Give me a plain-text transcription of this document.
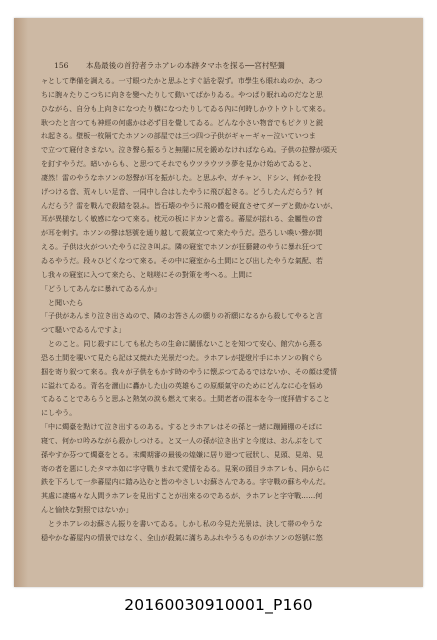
156 本島最後の首狩者ラホアレの本跡タマホを探る──宮村堅彌
ャとして準備を調える。一寸眼つたかと思ふとすぐ話を裂ず。市學生も眼れぬのか、あつ
ちに腕々たりこつちに向きを變へたりして動いてばかりゐる。やつぱり眠れぬのだなと思
ひながら、自分も上向きになつたり横になつたりしてゐる內に何時しかウトウトして來る。
耿つたと言つても神經の何處かは必ず目を覺してゐる。どんな小さい物音でもピクリと鋭
れ起きる。壁板一枚隔てたホソンの部屋では三つ四つ子供がギャーギャー泣いていつま
で立つて寢付きまない。泣き聲ら振るうと無闇に尻を鍛めなければならぬ。子供の拉聲が頭天
を釘すやうだ。暗いからも、と思つてそれでもウツラウツラ夢を見かけ始めてゐると、
凄然！雷のやうなホソンの怒聲が耳を振がした。と思ふや、ガチャン、ドシン、何かを投
げつける音、荒々しい足音、一同中し合はしたやうに飛び起きる。どうしたんだらう？何
んだらう？雷を戰んで殺踏を裂ふ。皆石壊のやうに飛の體を硬直させてダーデと動かないが、
耳が異様なしく敏感になつて來る。枕元の板にドカンと當る。蕃屋が揺れる、金屬性の音
が耳を剌す。ホソンの聲は怒號を通り越して殺氣立つて來たやうだ。恐ろしい喚い聲が間
える。子供は火がついたやうに泣き叫ぶ。隣の寢室でホソンが狂藝鍵のやうに暴れ狂つて
ゐるやうだ。段々ひどくなつて來る。その中に寢室から土間にとび出したやうな氣配、若
し我々の寢室に入つて來たら、と咄嗟にその對策を考へる。上間に
「どうしてあんなに暴れてゐるんか」
と聞いたら
「子供があんまり泣き出さぬので、隣のお答さんの願りの祈願になるから殺してやると言
つて騷いでゐるんですよ」
とのこと。同じ殺すにしても私たちの生命に關係ないことを知つて安心、館穴から燕る
恐る土間を覗いて見たら記は又焼れた光景だつた。ラホアレが提燈片手にホソンの胸ぐら
掴を寄り叙つて來る。我々が子供をもかす時のやうに懐ぶつてゐるではないか、その顔は愛情
に溢れてゐる。背名を灑山に轟かした山の英雄もこの原顏氣守のためにどんなに心を悩め
てゐることであらうと思ふと熱気の涙も燃えて來る。土間老者の混本を今一度拝借すること
にしやう。
「中に燭臺を點けて泣き出するのある。するとラホアレはその孫と一緒に蹦鐘棚のそばに
寝て、何かロ吟みながら殺かしつける。と又一人の孫が泣き出すと今度は、おんぶをして
孫やすか芬つて燭臺をとる。末燭期審の最後の煌嫌に居り廻つて冠狀し、見頭、見弟、見
寄の者を悪にしたタマホ如に字守戰りまれて愛情をゐる。見案の頭目ラホアレも、同からに
鉄を下ろして一歩蕃屋内に踏み込むと皆のやさしいお蘇さんである。字守戰の蘇ちやんだ。
其處に凄瘍々な人間ラホアレを見出すことが出來るのであるが、ラホアレと字守戰……何
んと愉快な對照ではないか」
とラホアレのお蘇さん振りを書いてゐる。しかし私の今見た光景は、決して帯のやうな
穏やかな蕃屋内の情景ではなく、全山が殺氣に滿ちあふれやうるものがホソンの怒號に悠
20160030910001_P160
